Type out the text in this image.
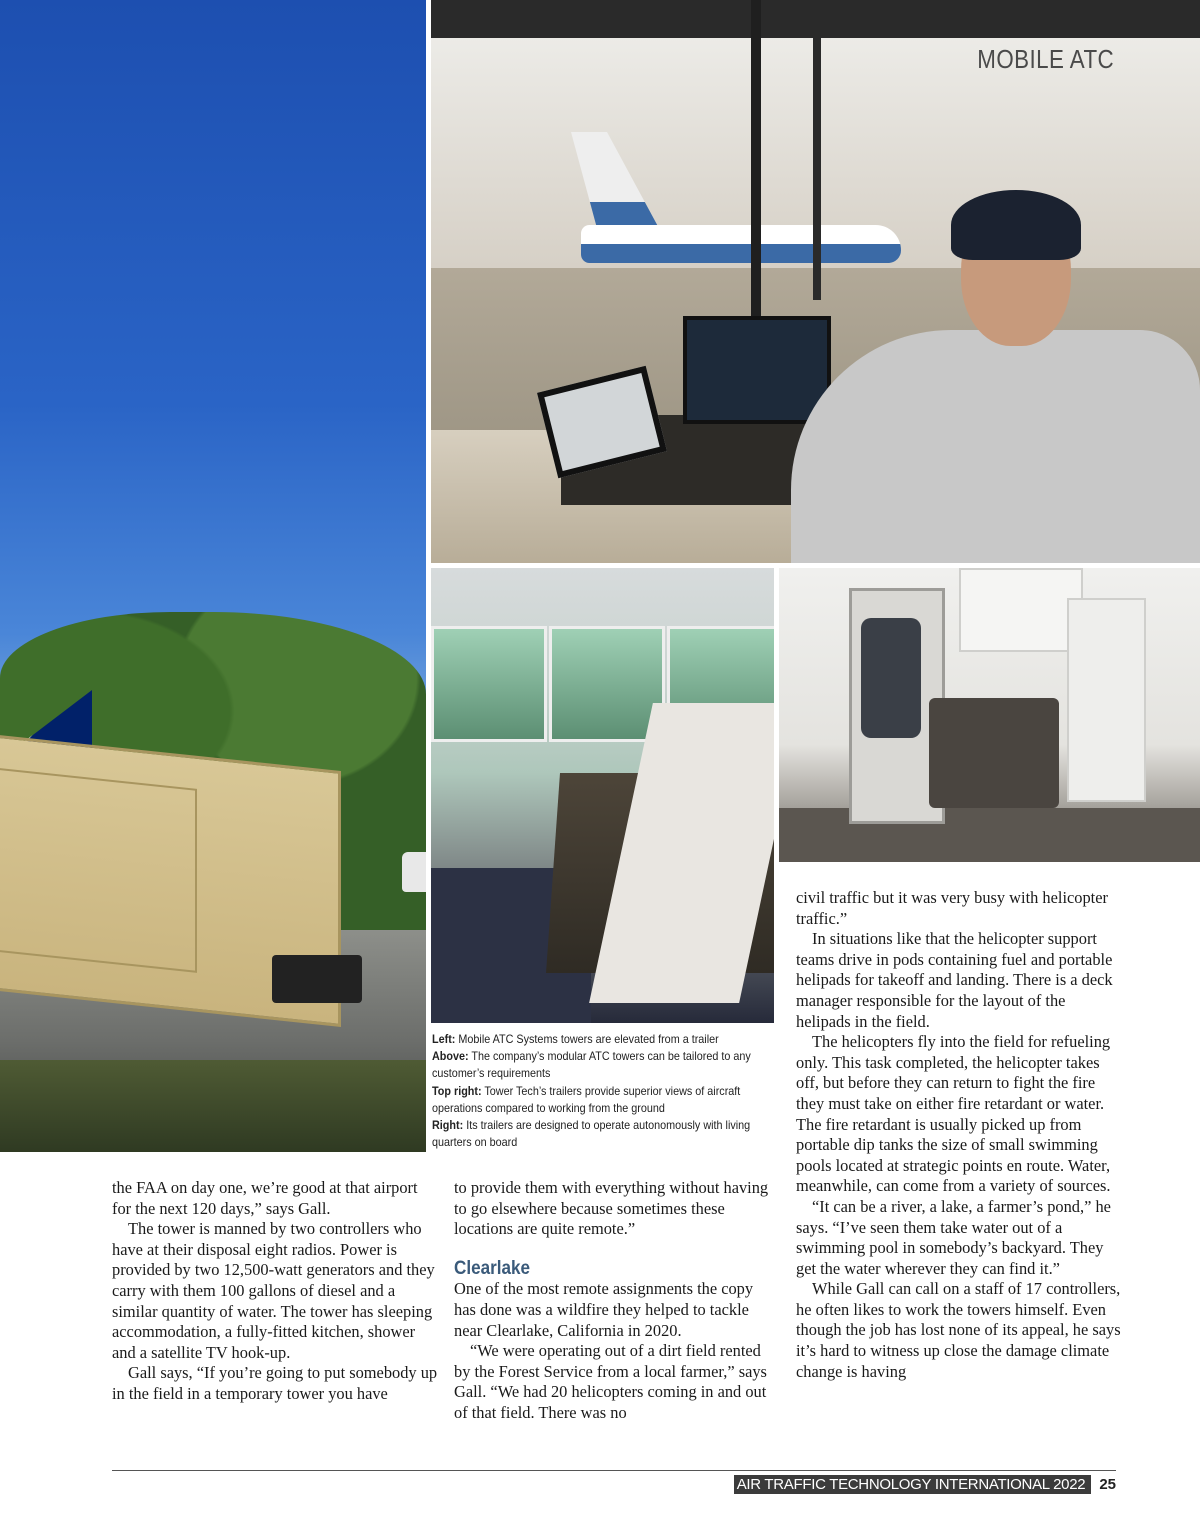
MOBILE ATC

Left: Mobile ATC Systems towers are elevated from a trailer

Above: The company’s modular ATC towers can be tailored to any customer’s requirements

Top right: Tower Tech’s trailers provide superior views of aircraft operations compared to working from the ground

Right: Its trailers are designed to operate autonomously with living quarters on board

the FAA on day one, we’re good at that airport for the next 120 days,” says Gall.

The tower is manned by two controllers who have at their disposal eight radios. Power is provided by two 12,500-watt generators and they carry with them 100 gallons of diesel and a similar quantity of water. The tower has sleeping accommodation, a fully-fitted kitchen, shower and a satellite TV hook-up.

Gall says, “If you’re going to put somebody up in the field in a temporary tower you have

to provide them with everything without having to go elsewhere because sometimes these locations are quite remote.”

Clearlake

One of the most remote assignments the copy has done was a wildfire they helped to tackle near Clearlake, California in 2020.

“We were operating out of a dirt field rented by the Forest Service from a local farmer,” says Gall. “We had 20 helicopters coming in and out of that field. There was no

civil traffic but it was very busy with helicopter traffic.”

In situations like that the helicopter support teams drive in pods containing fuel and portable helipads for takeoff and landing. There is a deck manager responsible for the layout of the helipads in the field.

The helicopters fly into the field for refueling only. This task completed, the helicopter takes off, but before they can return to fight the fire they must take on either fire retardant or water. The fire retardant is usually picked up from portable dip tanks the size of small swimming pools located at strategic points en route. Water, meanwhile, can come from a variety of sources.

“It can be a river, a lake, a farmer’s pond,” he says. “I’ve seen them take water out of a swimming pool in somebody’s backyard. They get the water wherever they can find it.”

While Gall can call on a staff of 17 controllers, he often likes to work the towers himself. Even though the job has lost none of its appeal, he says it’s hard to witness up close the damage climate change is having

AIR TRAFFIC TECHNOLOGY INTERNATIONAL 2022 25
